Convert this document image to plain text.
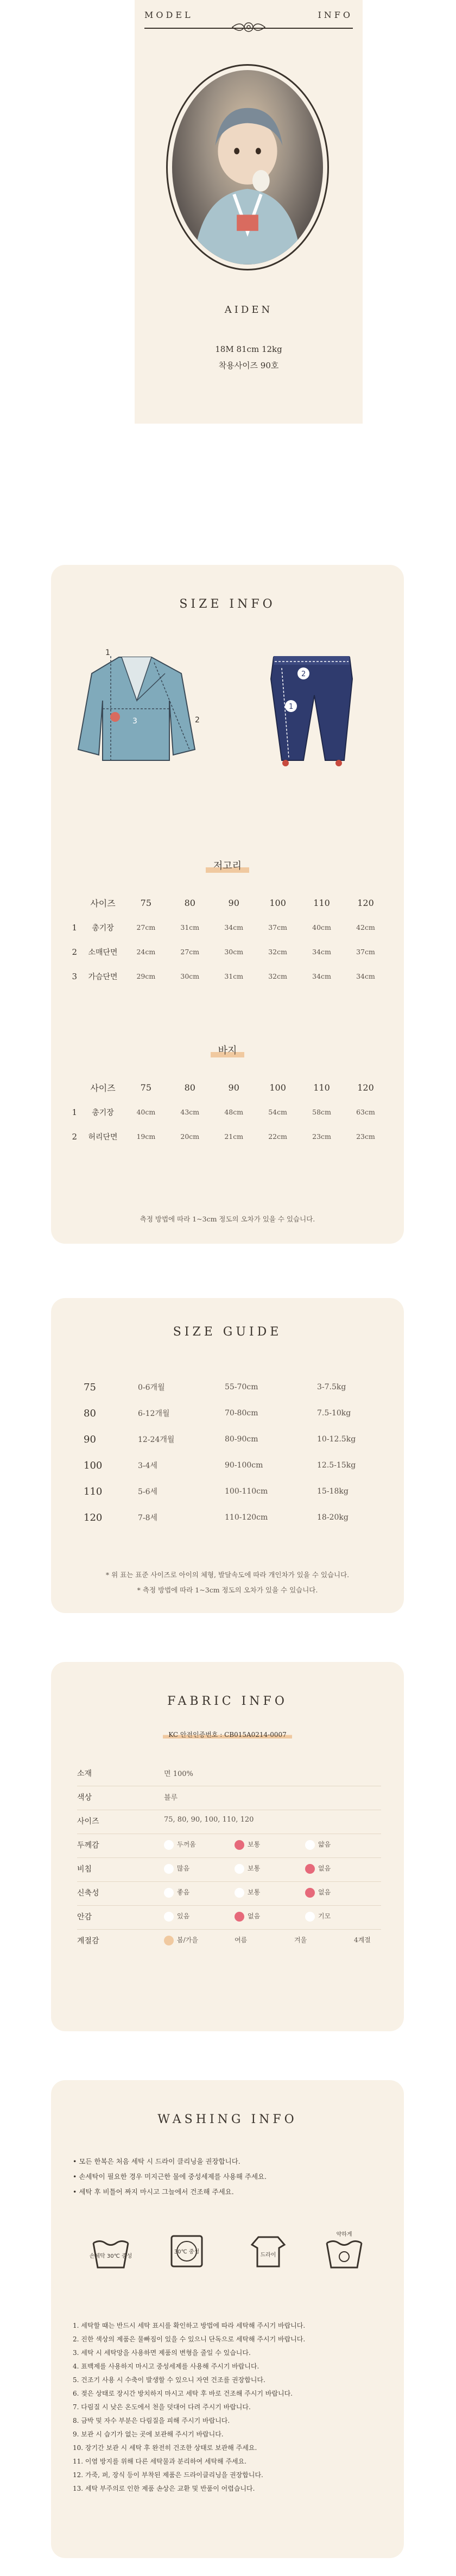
MODEL	INFO
AIDEN
18M 81cm 12kg
착용사이즈 90호
SIZE INFO
1
2
3
2
1
저고리
	사이즈	75	80	90	100	110	120
1	총기장	27cm	31cm	34cm	37cm	40cm	42cm
2	소매단면	24cm	27cm	30cm	32cm	34cm	37cm
3	가슴단면	29cm	30cm	31cm	32cm	34cm	34cm
바지
	사이즈	75	80	90	100	110	120
1	총기장	40cm	43cm	48cm	54cm	58cm	63cm
2	허리단면	19cm	20cm	21cm	22cm	23cm	23cm
측정 방법에 따라 1~3cm 정도의 오차가 있을 수 있습니다.
SIZE GUIDE
75	0-6개월	55-70cm	3-7.5kg
80	6-12개월	70-80cm	7.5-10kg
90	12-24개월	80-90cm	10-12.5kg
100	3-4세	90-100cm	12.5-15kg
110	5-6세	100-110cm	15-18kg
120	7-8세	110-120cm	18-20kg
* 위 표는 표준 사이즈로 아이의 체형, 발달속도에 따라 개인차가 있을 수 있습니다.
* 측정 방법에 따라 1~3cm 정도의 오차가 있을 수 있습니다.
FABRIC INFO
KC 안전인증번호 : CB015A0214-0007
소재	면 100%
색상	블루
사이즈	75, 80, 90, 100, 110, 120
두께감	두꺼움	보통	얇음
비침	많음	보통	없음
신축성	좋음	보통	없음
안감	있음	없음	기모
계절감	봄/가을	여름	겨울	4계절
WASHING INFO
• 모든 한복은 처음 세탁 시 드라이 클리닝을 권장합니다.
• 손세탁이 필요한 경우 미지근한 물에 중성세제를 사용해 주세요.
• 세탁 후 비틀어 짜지 마시고 그늘에서 건조해 주세요.
손세탁 30℃ 중성
30℃ 중성
드라이
약하게
1. 세탁할 때는 반드시 세탁 표시를 확인하고 방법에 따라 세탁해 주시기 바랍니다.
2. 진한 색상의 제품은 물빠짐이 있을 수 있으니 단독으로 세탁해 주시기 바랍니다.
3. 세탁 시 세탁망을 사용하면 제품의 변형을 줄일 수 있습니다.
4. 표백제를 사용하지 마시고 중성세제를 사용해 주시기 바랍니다.
5. 건조기 사용 시 수축이 발생할 수 있으니 자연 건조를 권장합니다.
6. 젖은 상태로 장시간 방치하지 마시고 세탁 후 바로 건조해 주시기 바랍니다.
7. 다림질 시 낮은 온도에서 천을 덧대어 다려 주시기 바랍니다.
8. 금박 및 자수 부분은 다림질을 피해 주시기 바랍니다.
9. 보관 시 습기가 없는 곳에 보관해 주시기 바랍니다.
10. 장기간 보관 시 세탁 후 완전히 건조한 상태로 보관해 주세요.
11. 이염 방지를 위해 다른 세탁물과 분리하여 세탁해 주세요.
12. 가죽, 퍼, 장식 등이 부착된 제품은 드라이클리닝을 권장합니다.
13. 세탁 부주의로 인한 제품 손상은 교환 및 반품이 어렵습니다.
